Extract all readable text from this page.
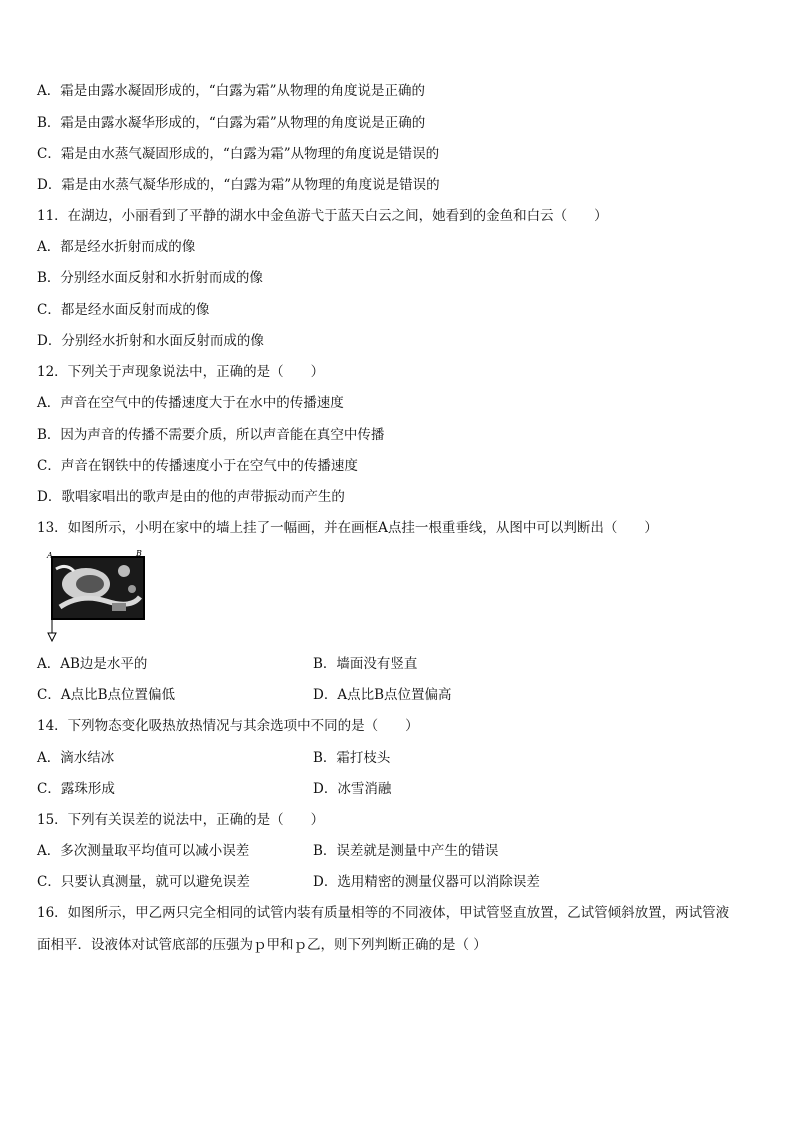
A．霜是由露水凝固形成的，“白露为霜”从物理的角度说是正确的
B．霜是由露水凝华形成的，“白露为霜”从物理的角度说是正确的
C．霜是由水蒸气凝固形成的，“白露为霜”从物理的角度说是错误的
D．霜是由水蒸气凝华形成的，“白露为霜”从物理的角度说是错误的
11．在湖边，小丽看到了平静的湖水中金鱼游弋于蓝天白云之间，她看到的金鱼和白云（　　）
A．都是经水折射而成的像
B．分别经水面反射和水折射而成的像
C．都是经水面反射而成的像
D．分别经水折射和水面反射而成的像
12．下列关于声现象说法中，正确的是（　　）
A．声音在空气中的传播速度大于在水中的传播速度
B．因为声音的传播不需要介质，所以声音能在真空中传播
C．声音在钢铁中的传播速度小于在空气中的传播速度
D．歌唱家唱出的歌声是由的他的声带振动而产生的
13．如图所示，小明在家中的墙上挂了一幅画，并在画框A点挂一根重垂线，从图中可以判断出（　　）
A	B
A．AB边是水平的	B．墙面没有竖直
C．A点比B点位置偏低	D．A点比B点位置偏高
14．下列物态变化吸热放热情况与其余选项中不同的是（　　）
A．滴水结冰	B．霜打枝头
C．露珠形成	D．冰雪消融
15．下列有关误差的说法中，正确的是（　　）
A．多次测量取平均值可以减小误差	B．误差就是测量中产生的错误
C．只要认真测量，就可以避免误差	D．选用精密的测量仪器可以消除误差
16．如图所示，甲乙两只完全相同的试管内装有质量相等的不同液体，甲试管竖直放置，乙试管倾斜放置，两试管液
面相平．设液体对试管底部的压强为ｐ甲和ｐ乙，则下列判断正确的是（ ）
